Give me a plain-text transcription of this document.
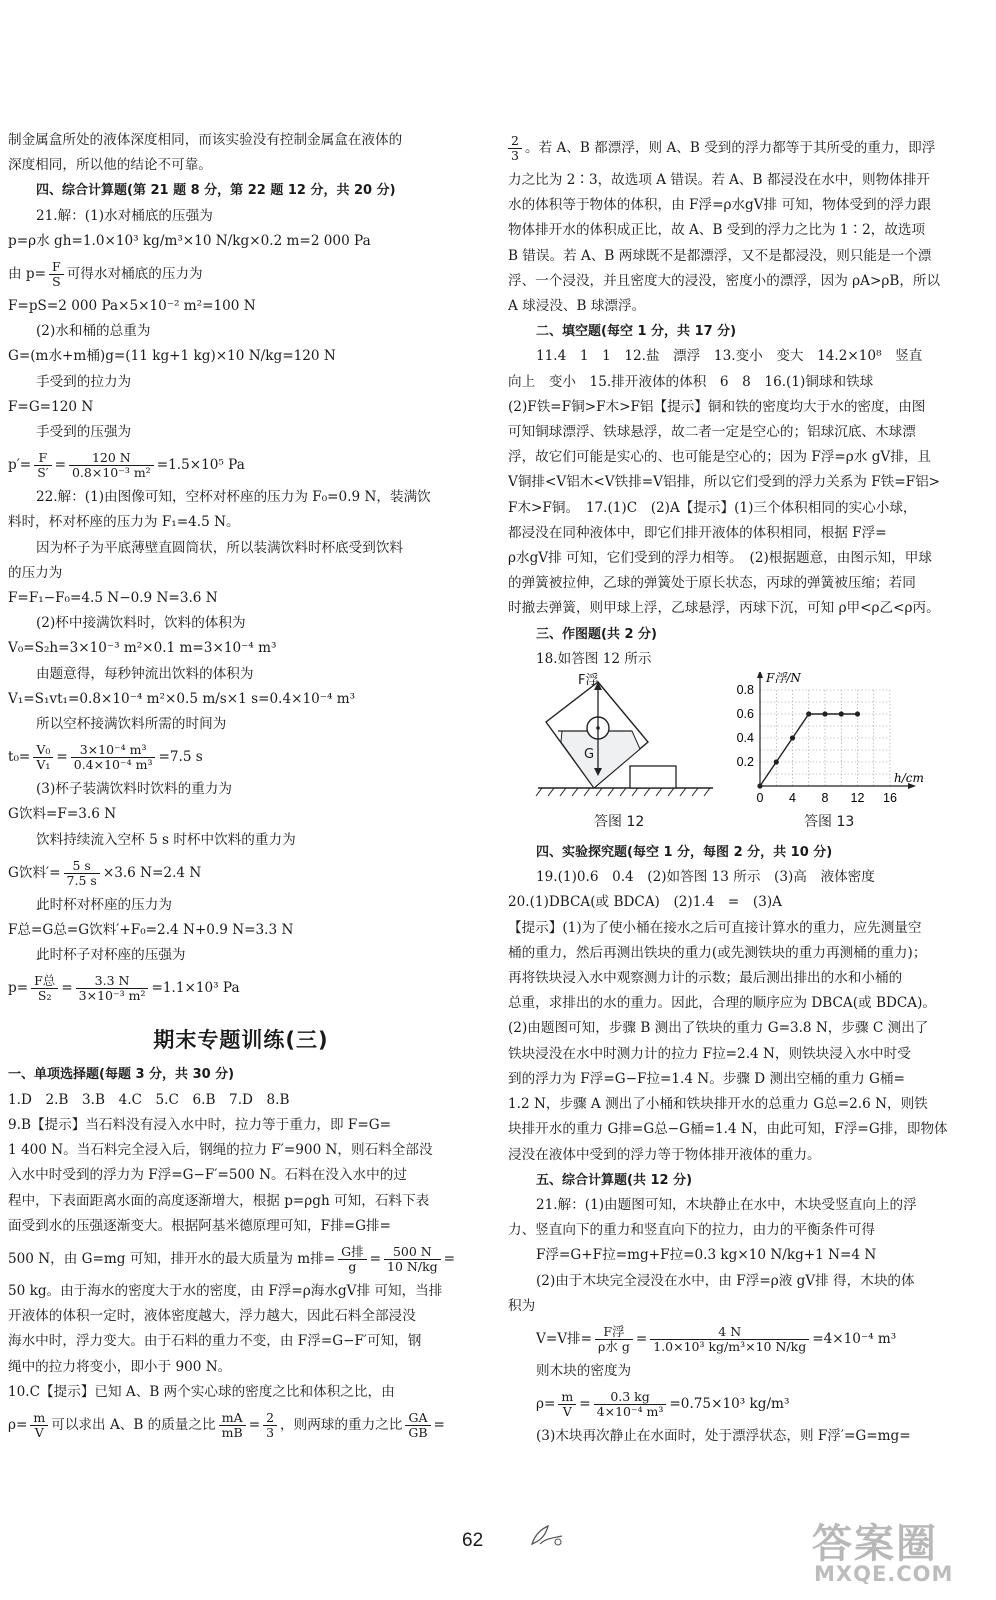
制金属盒所处的液体深度相同，而该实验没有控制金属盒在液体的
深度相同，所以他的结论不可靠。
四、综合计算题(第 21 题 8 分，第 22 题 12 分，共 20 分)
21.解：(1)水对桶底的压强为
p=ρ水 gh=1.0×10³ kg/m³×10 N/kg×0.2 m=2 000 Pa
由 $p= \frac{F}{S}$ 可得水对桶底的压力为
F=pS=2 000 Pa×5×10⁻² m²=100 N
(2)水和桶的总重为
G=(m水+m桶)g=(11 kg+1 kg)×10 N/kg=120 N
手受到的拉力为
F=G=120 N
手受到的压强为
$p'= \frac{F}{S'} = \frac{120 N}{\text{0.8×10⁻³ m²}} =1.5\times 10^5$ Pa
22.解：(1)由图像可知，空杯对杯座的压力为 F₀=0.9 N，装满饮
料时，杯对杯座的压力为 F₁=4.5 N。
因为杯子为平底薄壁直圆筒状，所以装满饮料时杯底受到饮料
的压力为
F=F₁−F₀=4.5 N−0.9 N=3.6 N
(2)杯中接满饮料时，饮料的体积为
V₀=S₂h=3×10⁻³ m²×0.1 m=3×10⁻⁴ m³
由题意得，每秒钟流出饮料的体积为
V₁=S₁vt₁=0.8×10⁻⁴ m²×0.5 m/s×1 s=0.4×10⁻⁴ m³
所以空杯接满饮料所需的时间为
$t_0= \frac{\text{V₀}}{\text{V₁}} = \frac{\text{3×10⁻⁴ m³}}{\text{0.4×10⁻⁴ m³}} =7.5$ s
(3)杯子装满饮料时饮料的重力为
G饮料=F=3.6 N
饮料持续流入空杯 5 s 时杯中饮料的重力为
G饮料′= $\frac{5 s}{7.5 s} \times 3.6$ N=2.4 N
此时杯对杯座的压力为
F总=G总=G饮料′+F₀=2.4 N+0.9 N=3.3 N
此时杯子对杯座的压强为
$p= \frac{\text{F总}}{\text{S₂}} = \frac{3.3 N}{\text{3×10⁻³ m²}} =1.1\times 10^3$ Pa
期末专题训练(三)
一、单项选择题(每题 3 分，共 30 分)
1.D　2.B　3.B　4.C　5.C　6.B　7.D　8.B
9.B【提示】当石料没有浸入水中时，拉力等于重力，即 F=G=
1 400 N。当石料完全浸入后，钢绳的拉力 F′=900 N，则石料全部没
入水中时受到的浮力为 F浮=G−F′=500 N。石料在没入水中的过
程中，下表面距离水面的高度逐渐增大，根据 p=ρgh 可知，石料下表
面受到水的压强逐渐变大。根据阿基米德原理可知，F排=G排=
500 N，由 G=mg 可知，排开水的最大质量为 m排= $\frac{\text{G排}}{g} = \frac{500 N}{10 N/kg}$ =
50 kg。由于海水的密度大于水的密度，由 F浮=ρ海水gV排 可知，当排
开液体的体积一定时，液体密度越大，浮力越大，因此石料全部浸没
海水中时，浮力变大。由于石料的重力不变，由 F浮=G−F′可知，钢
绳中的拉力将变小，即小于 900 N。
10.C【提示】已知 A、B 两个实心球的密度之比和体积之比，由
$\rho= \frac{m}{V}$ 可以求出 A、B 的质量之比 $\frac{mA}{mB} = \frac{2}{3}$ ，则两球的重力之比 $\frac{GA}{GB}$ =
$\frac{2}{3}$ 。若 A、B 都漂浮，则 A、B 受到的浮力都等于其所受的重力，即浮
力之比为 2∶3，故选项 A 错误。若 A、B 都浸没在水中，则物体排开
水的体积等于物体的体积，由 F浮=ρ水gV排 可知，物体受到的浮力跟
物体排开水的体积成正比，故 A、B 受到的浮力之比为 1∶2，故选项
B 错误。若 A、B 两球既不是都漂浮，又不是都浸没，则只能是一个漂
浮、一个浸没，并且密度大的浸没，密度小的漂浮，因为 ρA>ρB，所以
A 球浸没、B 球漂浮。
二、填空题(每空 1 分，共 17 分)
11.4　1　1　12.盐　漂浮　13.变小　变大　14.2×10⁸　竖直
向上　变小　15.排开液体的体积　6　8　16.(1)铜球和铁球
(2)F铁=F铜>F木>F铝【提示】铜和铁的密度均大于水的密度，由图
可知铜球漂浮、铁球悬浮，故二者一定是空心的；铝球沉底、木球漂
浮，故它们可能是实心的、也可能是空心的；因为 F浮=ρ水 gV排，且
V铜排<V铝木<V铁排=V铝排，所以它们受到的浮力关系为 F铁=F铝>
F木>F铜。　17.(1)C　(2)A【提示】(1)三个体积相同的实心小球，
都浸没在同种液体中，即它们排开液体的体积相同，根据 F浮=
ρ水gV排 可知，它们受到的浮力相等。　(2)根据题意，由图示知，甲球
的弹簧被拉伸，乙球的弹簧处于原长状态，丙球的弹簧被压缩；若同
时撤去弹簧，则甲球上浮，乙球悬浮，丙球下沉，可知 ρ甲<ρ乙<ρ丙。
三、作图题(共 2 分)
18.如答图 12 所示
F浮
G
答图 12
F浮/N
h/cm
0.2
0.4
0.6
0.8
0 4 8 12 16
答图 13
四、实验探究题(每空 1 分，每图 2 分，共 10 分)
19.(1)0.6　0.4　(2)如答图 13 所示　(3)高　液体密度
20.(1)DBCA(或 BDCA)　(2)1.4　=　(3)A
【提示】(1)为了使小桶在接水之后可直接计算水的重力，应先测量空
桶的重力，然后再测出铁块的重力(或先测铁块的重力再测桶的重力)；
再将铁块浸入水中观察测力计的示数；最后测出排出的水和小桶的
总重，求排出的水的重力。因此，合理的顺序应为 DBCA(或 BDCA)。
(2)由题图可知，步骤 B 测出了铁块的重力 G=3.8 N，步骤 C 测出了
铁块浸没在水中时测力计的拉力 F拉=2.4 N，则铁块浸入水中时受
到的浮力为 F浮=G−F拉=1.4 N。步骤 D 测出空桶的重力 G桶=
1.2 N，步骤 A 测出了小桶和铁块排开水的总重力 G总=2.6 N，则铁
块排开水的重力 G排=G总−G桶=1.4 N，由此可知，F浮=G排，即物体
浸没在液体中受到的浮力等于物体排开液体的重力。
五、综合计算题(共 12 分)
21.解：(1)由题图可知，木块静止在水中，木块受竖直向上的浮
力、竖直向下的重力和竖直向下的拉力，由力的平衡条件可得
F浮=G+F拉=mg+F拉=0.3 kg×10 N/kg+1 N=4 N
(2)由于木块完全浸没在水中，由 F浮=ρ液 gV排 得，木块的体
积为
V=V排= $\frac{\text{F浮}}{\text{ρ水 g}} = \frac{4 N}{\text{1.0×10³ kg/m³×10 N/kg}} =4\times 10^{-4}$ m³
则木块的密度为
$\rho= \frac{m}{V} = \frac{0.3 kg}{\text{4×10⁻⁴ m³}} =0.75\times 10^3$ kg/m³
(3)木块再次静止在水面时，处于漂浮状态，则 F浮′=G=mg=
62	答案圈
MXQE.COM
